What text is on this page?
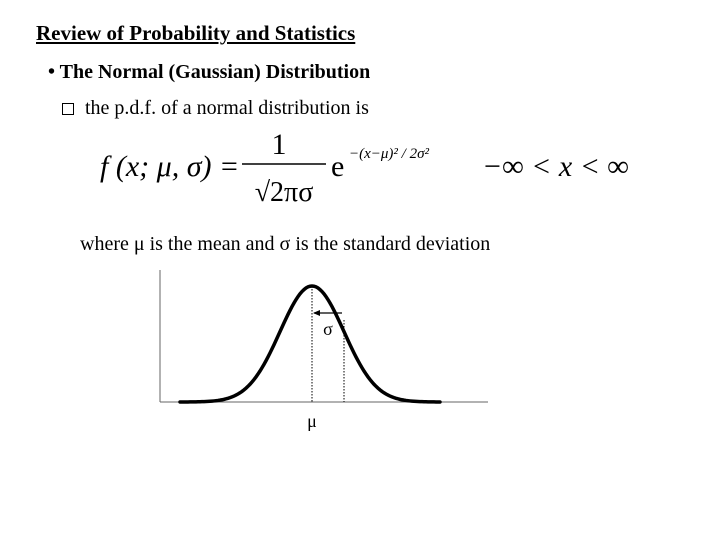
Review of Probability and Statistics
• The Normal (Gaussian) Distribution
the p.d.f. of a normal distribution is
f (x; μ, σ) =
1
√2πσ
e −(x−μ)² / 2σ² −∞ < x < ∞
where μ is the mean and σ is the standard deviation
σ
μ
